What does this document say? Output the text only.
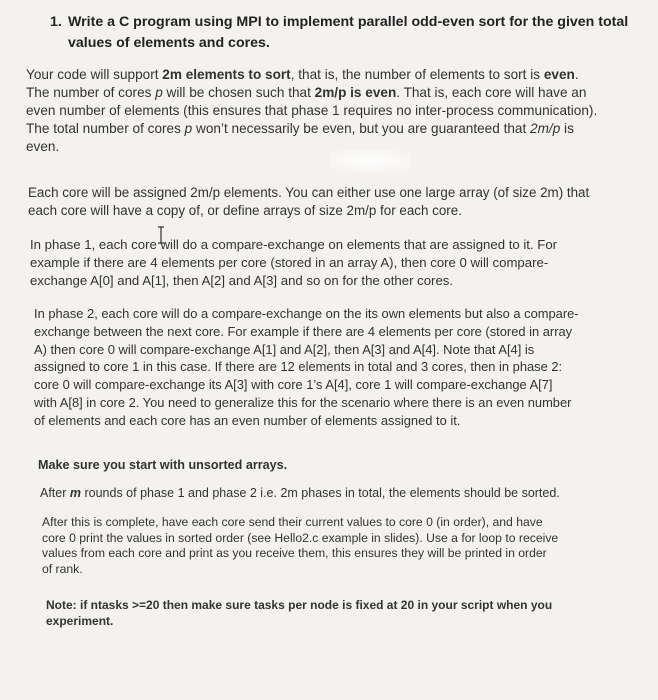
1. Write a C program using MPI to implement parallel odd-even sort for the given total
values of elements and cores.
Your code will support 2m elements to sort, that is, the number of elements to sort is even.
The number of cores p will be chosen such that 2m/p is even. That is, each core will have an
even number of elements (this ensures that phase 1 requires no inter-process communication).
The total number of cores p won’t necessarily be even, but you are guaranteed that 2m/p is
even.
Each core will be assigned 2m/p elements. You can either use one large array (of size 2m) that
each core will have a copy of, or define arrays of size 2m/p for each core.
In phase 1, each core will do a compare-exchange on elements that are assigned to it. For
example if there are 4 elements per core (stored in an array A), then core 0 will compare-
exchange A[0] and A[1], then A[2] and A[3] and so on for the other cores.
In phase 2, each core will do a compare-exchange on the its own elements but also a compare-
exchange between the next core. For example if there are 4 elements per core (stored in array
A) then core 0 will compare-exchange A[1] and A[2], then A[3] and A[4]. Note that A[4] is
assigned to core 1 in this case. If there are 12 elements in total and 3 cores, then in phase 2:
core 0 will compare-exchange its A[3] with core 1’s A[4], core 1 will compare-exchange A[7]
with A[8] in core 2. You need to generalize this for the scenario where there is an even number
of elements and each core has an even number of elements assigned to it.
Make sure you start with unsorted arrays.
After m rounds of phase 1 and phase 2 i.e. 2m phases in total, the elements should be sorted.
After this is complete, have each core send their current values to core 0 (in order), and have
core 0 print the values in sorted order (see Hello2.c example in slides). Use a for loop to receive
values from each core and print as you receive them, this ensures they will be printed in order
of rank.
Note: if ntasks >=20 then make sure tasks per node is fixed at 20 in your script when you
experiment.
